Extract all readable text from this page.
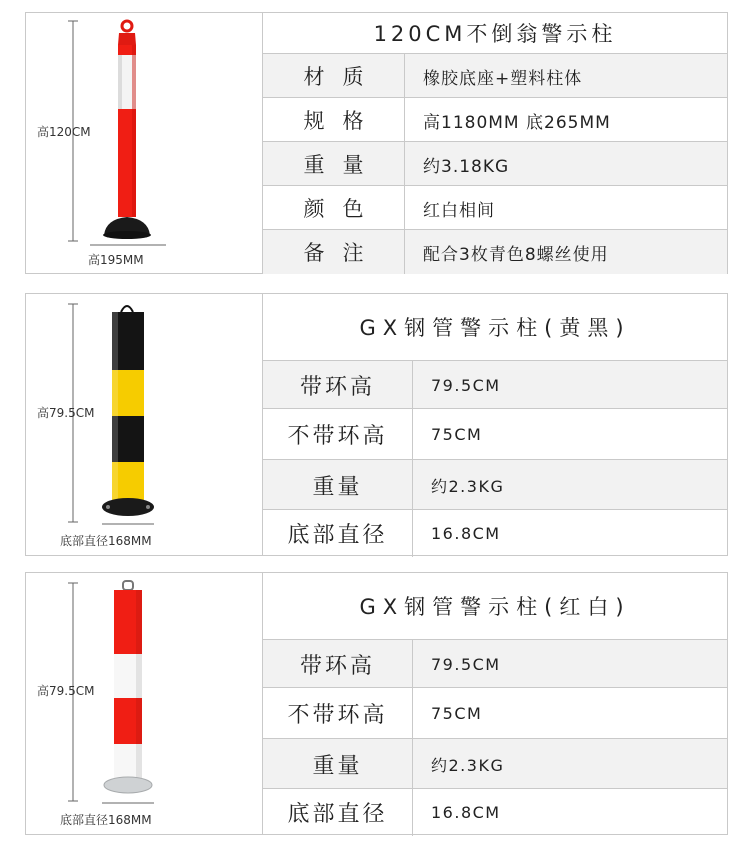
高120CM
高195MM
120CM不倒翁警示柱
材质	橡胶底座+塑料柱体
规格	高1180MM 底265MM
重量	约3.18KG
颜色	红白相间
备注	配合3枚青色8螺丝使用
高79.5CM
底部直径168MM
GX钢管警示柱(黄黑)
带环高	79.5CM
不带环高	75CM
重量	约2.3KG
底部直径	16.8CM
高79.5CM
底部直径168MM
GX钢管警示柱(红白)
带环高	79.5CM
不带环高	75CM
重量	约2.3KG
底部直径	16.8CM
